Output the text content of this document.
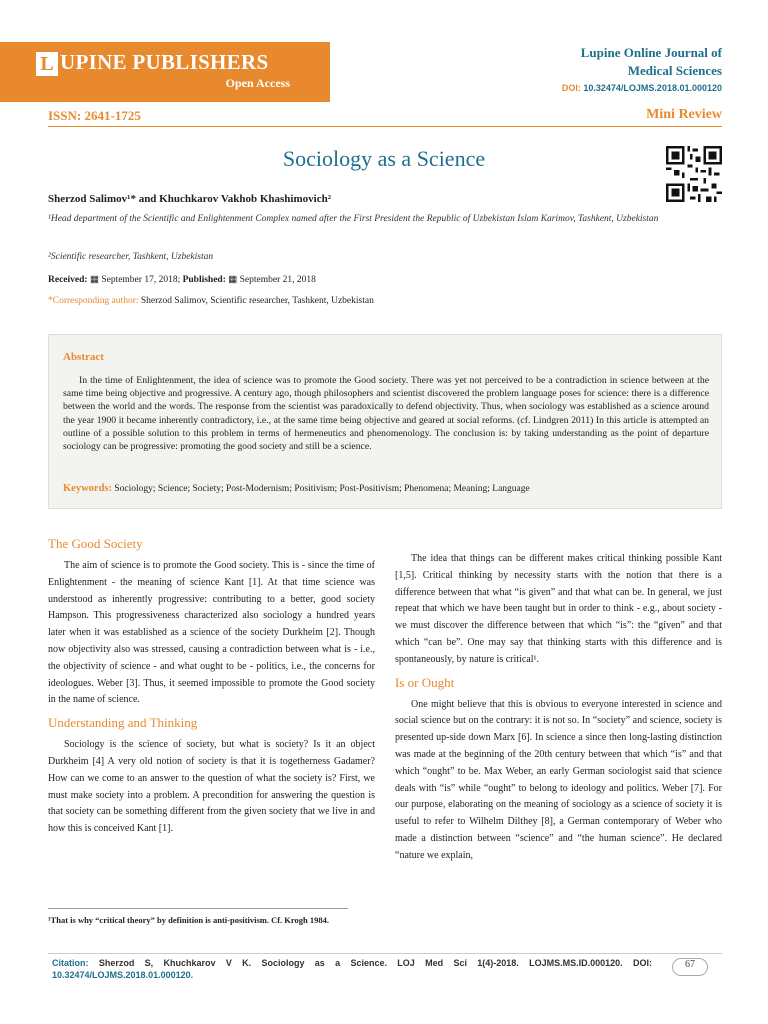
L UPINE PUBLISHERS
Open Access
Lupine Online Journal of
Medical Sciences
DOI: 10.32474/LOJMS.2018.01.000120
ISSN: 2641-1725	Mini Review
Sociology as a Science
Sherzod Salimov¹* and Khuchkarov Vakhob Khashimovich²
¹Head department of the Scientific and Enlightenment Complex named after the First President the Republic of Uzbekistan Islam Karimov, Tashkent, Uzbekistan
²Scientific researcher, Tashkent, Uzbekistan
Received: ▦ September 17, 2018; Published: ▦ September 21, 2018
*Corresponding author: Sherzod Salimov, Scientific researcher, Tashkent, Uzbekistan
Abstract
In the time of Enlightenment, the idea of science was to promote the Good society. There was yet not perceived to be a contradiction in science between at the same time being objective and progressive. A century ago, though philosophers and scientist discovered the problem language poses for science: there is a difference between the world and the words. The response from the scientist was paradoxically to defend objectivity. Thus, when sociology was established as a science around the year 1900 it became inherently contradictory, i.e., at the same time being objective and geared at social reforms. (cf. Lindgren 2011) In this article is attempted an outline of a possible solution to this problem in terms of hermeneutics and phenomenology. The conclusion is: by taking understanding as the point of departure sociology can be progressive: promoting the good society and still be a science.
Keywords: Sociology; Science; Society; Post-Modernism; Positivism; Post-Positivism; Phenomena; Meaning; Language
The Good Society

The aim of science is to promote the Good society. This is - since the time of Enlightenment - the meaning of science Kant [1]. At that time science was understood as inherently progressive: contributing to a better, good society Hampson. This progressiveness characterized also sociology a hundred years later when it was established as a science of the society Durkheim [2]. Though now objectivity also was stressed, causing a contradiction between what is - i.e., the objectivity of science - and what ought to be - politics, i.e., the concerns for ideologues. Weber [3]. Thus, it seemed impossible to promote the Good society in the name of science.

Understanding and Thinking

Sociology is the science of society, but what is society? Is it an object Durkheim [4] A very old notion of society is that it is togetherness Gadamer? How can we come to an answer to the question of what the society is? First, we must make society into a problem. A precondition for answering the question is that society can be something different from the given society that we live in and how this is conceived Kant [1].

The idea that things can be different makes critical thinking possible Kant [1,5]. Critical thinking by necessity starts with the notion that there is a difference between that what “is given” and that what can be. In general, we just repeat that which we have been taught but in order to think - e.g., about society - we must discover the difference between that which “is”: the “given” and that which “can be”. One may say that thinking starts with this difference and is spontaneously, by nature is critical¹.

Is or Ought

One might believe that this is obvious to everyone interested in science and social science but on the contrary: it is not so. In “society” and science, society is presented up-side down Marx [6]. In science a since then long-lasting distinction was made at the beginning of the 20th century between that which “is” and that which “ought” to be. Max Weber, an early German sociologist said that science deals with “is” while “ought” to belong to ideology and politics. Weber [7]. For our purpose, elaborating on the meaning of sociology as a science of society it is useful to refer to Wilhelm Dilthey [8], a German contemporary of Weber who made a distinction between “science” and “the human science”. He declared “nature we explain,

¹That is why “critical theory” by definition is anti-positivism. Cf. Krogh 1984.
Citation: Sherzod S, Khuchkarov V K. Sociology as a Science. LOJ Med Sci 1(4)-2018. LOJMS.MS.ID.000120. DOI: 10.32474/LOJMS.2018.01.000120.
67
